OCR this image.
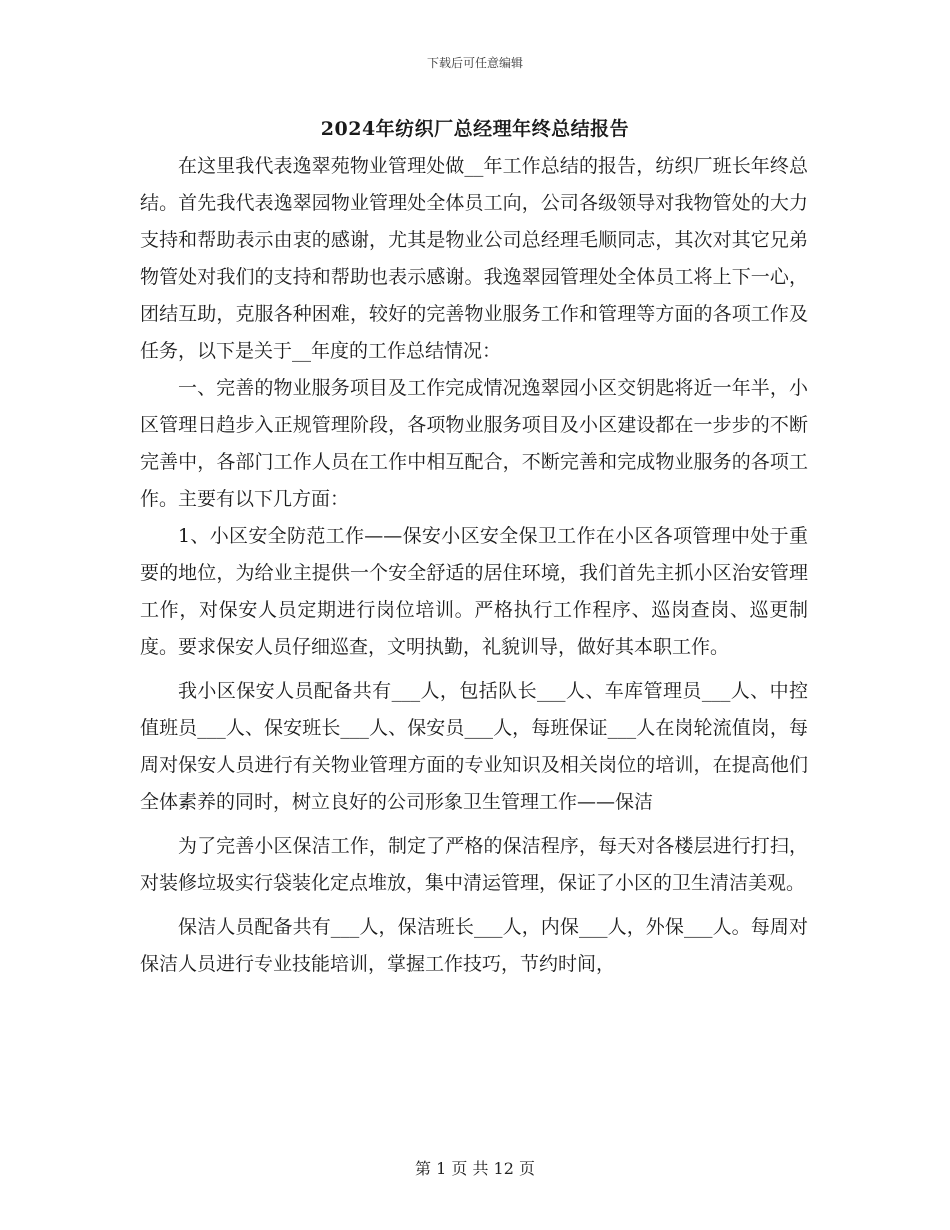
下载后可任意编辑
2024年纺织厂总经理年终总结报告

在这里我代表逸翠苑物业管理处做__年工作总结的报告，纺织厂班长年终总结。首先我代表逸翠园物业管理处全体员工向，公司各级领导对我物管处的大力支持和帮助表示由衷的感谢，尤其是物业公司总经理毛顺同志，其次对其它兄弟物管处对我们的支持和帮助也表示感谢。我逸翠园管理处全体员工将上下一心，团结互助，克服各种困难，较好的完善物业服务工作和管理等方面的各项工作及任务，以下是关于__年度的工作总结情况：

一、完善的物业服务项目及工作完成情况逸翠园小区交钥匙将近一年半，小区管理日趋步入正规管理阶段，各项物业服务项目及小区建设都在一步步的不断完善中，各部门工作人员在工作中相互配合，不断完善和完成物业服务的各项工作。主要有以下几方面：

1、小区安全防范工作——保安小区安全保卫工作在小区各项管理中处于重要的地位，为给业主提供一个安全舒适的居住环境，我们首先主抓小区治安管理工作，对保安人员定期进行岗位培训。严格执行工作程序、巡岗查岗、巡更制度。要求保安人员仔细巡查，文明执勤，礼貌训导，做好其本职工作。

我小区保安人员配备共有___人，包括队长___人、车库管理员___人、中控值班员___人、保安班长___人、保安员___人，每班保证___人在岗轮流值岗，每周对保安人员进行有关物业管理方面的专业知识及相关岗位的培训，在提高他们全体素养的同时，树立良好的公司形象卫生管理工作——保洁

为了完善小区保洁工作，制定了严格的保洁程序，每天对各楼层进行打扫，对装修垃圾实行袋装化定点堆放，集中清运管理，保证了小区的卫生清洁美观。

保洁人员配备共有___人，保洁班长___人，内保___人，外保___人。每周对保洁人员进行专业技能培训，掌握工作技巧，节约时间，

第 1 页 共 12 页
